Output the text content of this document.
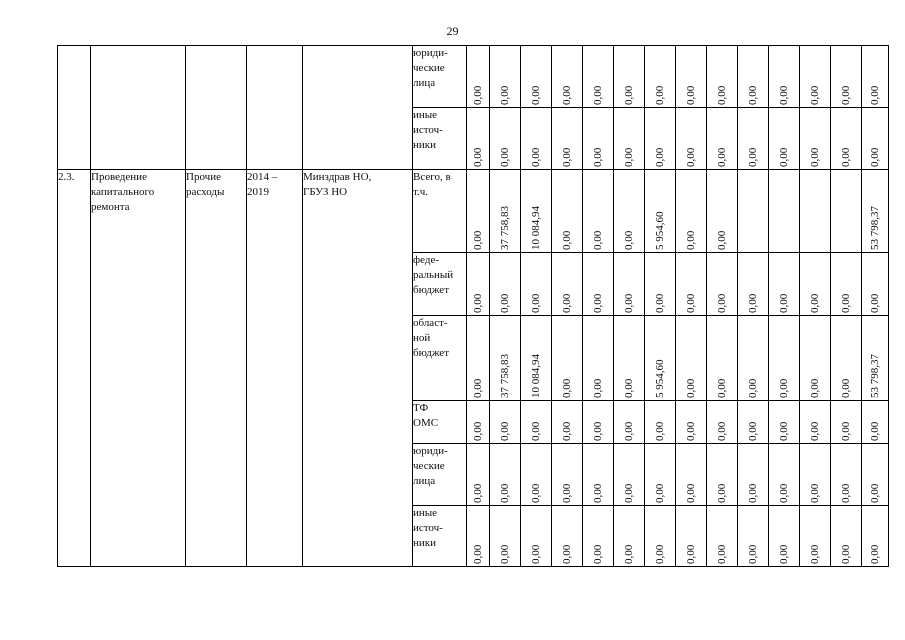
29
					юриди-
ческие
лица	0,00	0,00	0,00	0,00	0,00	0,00	0,00	0,00	0,00	0,00	0,00	0,00	0,00	0,00

					иные
источ-
ники	0,00	0,00	0,00	0,00	0,00	0,00	0,00	0,00	0,00	0,00	0,00	0,00	0,00	0,00

2.3.	Проведение
капитального
ремонта	Прочие
расходы	2014 –
2019	Минздрав НО,
ГБУЗ НО	Всего, в
т.ч.	0,00	37 758,83	10 084,94	0,00	0,00	0,00	5 954,60	0,00	0,00					53 798,37

					феде-
ральный
бюджет	0,00	0,00	0,00	0,00	0,00	0,00	0,00	0,00	0,00	0,00	0,00	0,00	0,00	0,00

					област-
ной
бюджет	0,00	37 758,83	10 084,94	0,00	0,00	0,00	5 954,60	0,00	0,00	0,00	0,00	0,00	0,00	53 798,37

					ТФ
ОМС	0,00	0,00	0,00	0,00	0,00	0,00	0,00	0,00	0,00	0,00	0,00	0,00	0,00	0,00

					юриди-
ческие
лица	0,00	0,00	0,00	0,00	0,00	0,00	0,00	0,00	0,00	0,00	0,00	0,00	0,00	0,00

					иные
источ-
ники	0,00	0,00	0,00	0,00	0,00	0,00	0,00	0,00	0,00	0,00	0,00	0,00	0,00	0,00
